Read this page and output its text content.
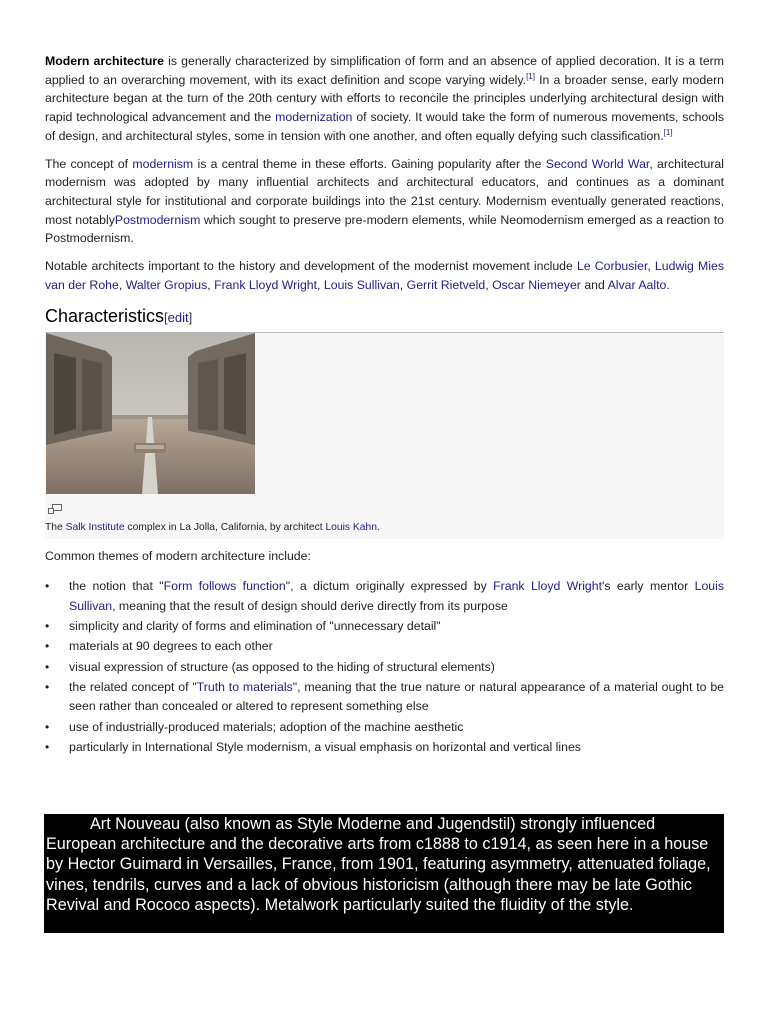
Modern architecture is generally characterized by simplification of form and an absence of applied decoration. It is a term applied to an overarching movement, with its exact definition and scope varying widely.[1] In a broader sense, early modern architecture began at the turn of the 20th century with efforts to reconcile the principles underlying architectural design with rapid technological advancement and the modernization of society. It would take the form of numerous movements, schools of design, and architectural styles, some in tension with one another, and often equally defying such classification.[1]

The concept of modernism is a central theme in these efforts. Gaining popularity after the Second World War, architectural modernism was adopted by many influential architects and architectural educators, and continues as a dominant architectural style for institutional and corporate buildings into the 21st century. Modernism eventually generated reactions, most notablyPostmodernism which sought to preserve pre-modern elements, while Neomodernism emerged as a reaction to Postmodernism.

Notable architects important to the history and development of the modernist movement include Le Corbusier, Ludwig Mies van der Rohe, Walter Gropius, Frank Lloyd Wright, Louis Sullivan, Gerrit Rietveld, Oscar Niemeyer and Alvar Aalto.

Characteristics[edit]
The Salk Institute complex in La Jolla, California, by architect Louis Kahn.

Common themes of modern architecture include:

• the notion that "Form follows function", a dictum originally expressed by Frank Lloyd Wright's early mentor Louis Sullivan, meaning that the result of design should derive directly from its purpose
• simplicity and clarity of forms and elimination of "unnecessary detail"
• materials at 90 degrees to each other
• visual expression of structure (as opposed to the hiding of structural elements)
• the related concept of "Truth to materials", meaning that the true nature or natural appearance of a material ought to be seen rather than concealed or altered to represent something else
• use of industrially-produced materials; adoption of the machine aesthetic
• particularly in International Style modernism, a visual emphasis on horizontal and vertical lines
Art Nouveau (also known as Style Moderne and Jugendstil) strongly influenced European architecture and the decorative arts from c1888 to c1914, as seen here in a house by Hector Guimard in Versailles, France, from 1901, featuring asymmetry, attenuated foliage, vines, tendrils, curves and a lack of obvious historicism (although there may be late Gothic Revival and Rococo aspects). Metalwork particularly suited the fluidity of the style.
